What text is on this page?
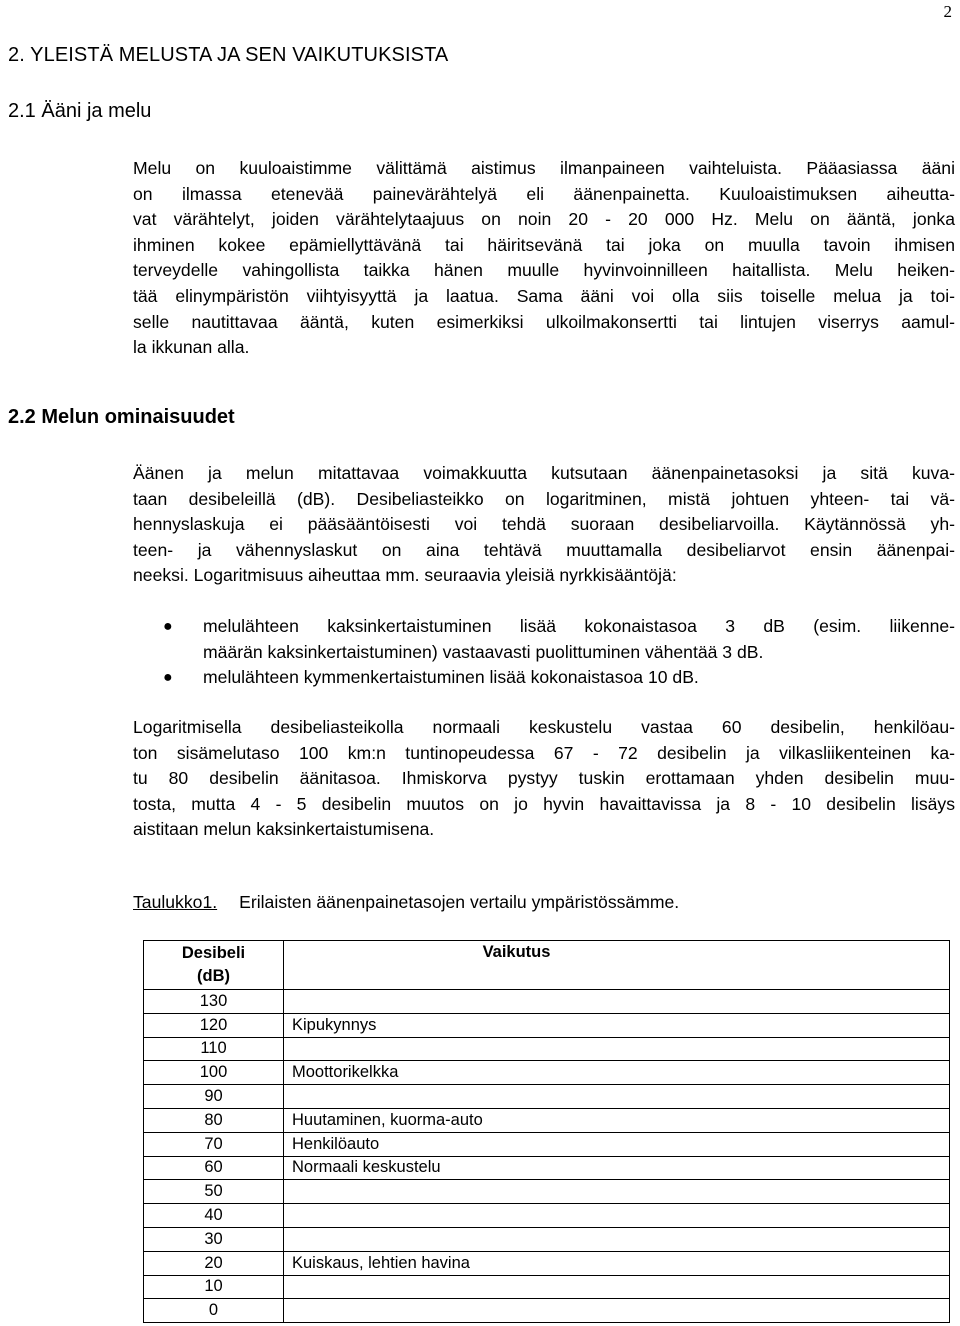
2
2. YLEISTÄ MELUSTA JA SEN VAIKUTUKSISTA
2.1 Ääni ja melu

Melu on kuuloaistimme välittämä aistimus ilmanpaineen vaihteluista. Pääasiassa ääni
on ilmassa etenevää painevärähtelyä eli äänenpainetta. Kuuloaistimuksen aiheutta-
vat värähtelyt, joiden värähtelytaajuus on noin 20 - 20 000 Hz. Melu on ääntä, jonka
ihminen kokee epämiellyttävänä tai häiritsevänä tai joka on muulla tavoin ihmisen
terveydelle vahingollista taikka hänen muulle hyvinvoinnilleen haitallista. Melu heiken-
tää elinympäristön viihtyisyyttä ja laatua. Sama ääni voi olla siis toiselle melua ja toi-
selle nautittavaa ääntä, kuten esimerkiksi ulkoilmakonsertti tai lintujen viserrys aamul-
la ikkunan alla.

2.2 Melun ominaisuudet

Äänen ja melun mitattavaa voimakkuutta kutsutaan äänenpainetasoksi ja sitä kuva-
taan desibeleillä (dB). Desibeliasteikko on logaritminen, mistä johtuen yhteen- tai vä-
hennyslaskuja ei pääsääntöisesti voi tehdä suoraan desibeliarvoilla. Käytännössä yh-
teen- ja vähennyslaskut on aina tehtävä muuttamalla desibeliarvot ensin äänenpai-
neeksi. Logaritmisuus aiheuttaa mm. seuraavia yleisiä nyrkkisääntöjä:

● melulähteen kaksinkertaistuminen lisää kokonaistasoa 3 dB (esim. liikenne-
määrän kaksinkertaistuminen) vastaavasti puolittuminen vähentää 3 dB.
● melulähteen kymmenkertaistuminen lisää kokonaistasoa 10 dB.

Logaritmisella desibeliasteikolla normaali keskustelu vastaa 60 desibelin, henkilöau-
ton sisämelutaso 100 km:n tuntinopeudessa 67 - 72 desibelin ja vilkasliikenteinen ka-
tu 80 desibelin äänitasoa. Ihmiskorva pystyy tuskin erottamaan yhden desibelin muu-
tosta, mutta 4 - 5 desibelin muutos on jo hyvin havaittavissa ja 8 - 10 desibelin lisäys
aistitaan melun kaksinkertaistumisena.

Taulukko1. Erilaisten äänenpainetasojen vertailu ympäristössämme.
Desibeli
(dB)	Vaikutus
130	
120	Kipukynnys
110	
100	Moottorikelkka
90	
80	Huutaminen, kuorma-auto
70	Henkilöauto
60	Normaali keskustelu
50	
40	
30	
20	Kuiskaus, lehtien havina
10	
0	
